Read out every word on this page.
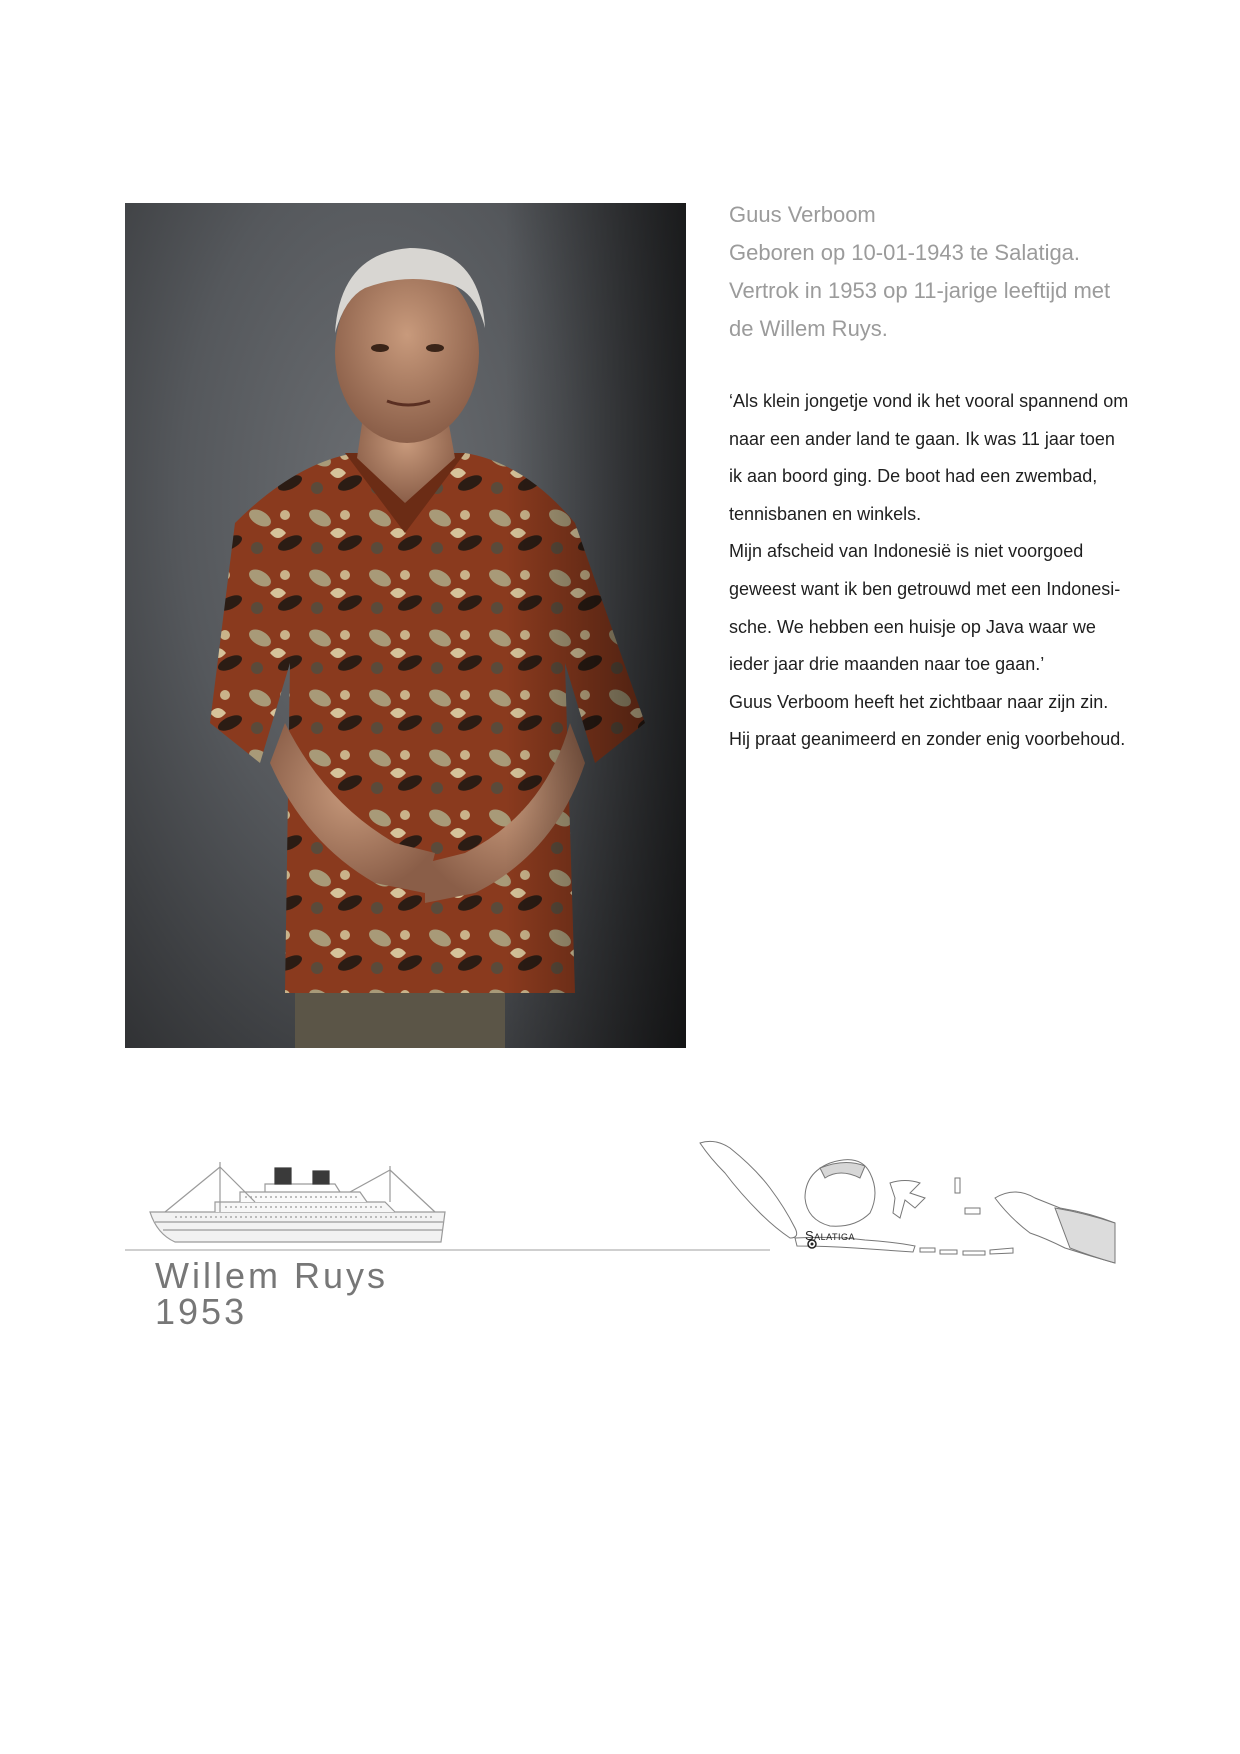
Guus Verboom
Geboren op 10-01-1943 te Salatiga.
Vertrok in 1953 op 11-jarige leeftijd met
de Willem Ruys.
‘Als klein jongetje vond ik het vooral spannend om
naar een ander land te gaan. Ik was 11 jaar toen
ik aan boord ging. De boot had een zwembad,
tennisbanen en winkels.
Mijn afscheid van Indonesië is niet voorgoed
geweest want ik ben getrouwd met een Indonesi-
sche. We hebben een huisje op Java waar we
ieder jaar drie maanden naar toe gaan.’
Guus Verboom heeft het zichtbaar naar zijn zin.
Hij praat geanimeerd en zonder enig voorbehoud.
Salatiga
Willem Ruys
1953
